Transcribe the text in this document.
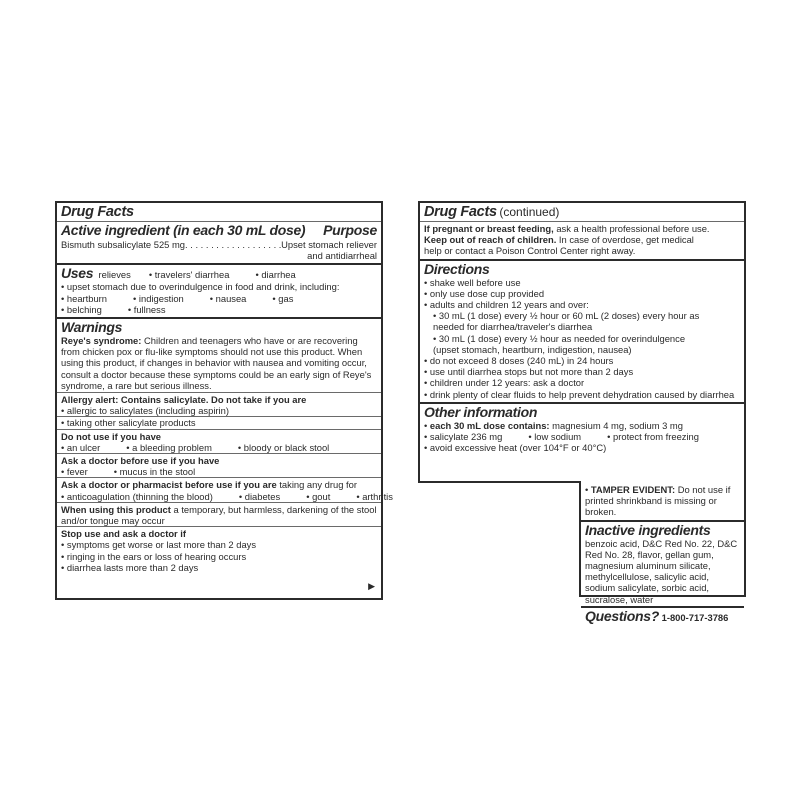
Drug Facts
Active ingredient (in each 30 mL dose) Purpose
Bismuth subsalicylate 525 mg . . .	Upset stomach reliever
and antidiarrheal
Uses relieves • travelers' diarrhea	• diarrhea
• upset stomach due to overindulgence in food and drink, including:
• heartburn	• indigestion	• nausea	• gas
• belching	• fullness
Warnings
Reye's syndrome: Children and teenagers who have or are recovering from chicken pox or flu-like symptoms should not use this product. When using this product, if changes in behavior with nausea and vomiting occur, consult a doctor because these symptoms could be an early sign of Reye's syndrome, a rare but serious illness.
Allergy alert: Contains salicylate. Do not take if you are
• allergic to salicylates (including aspirin)
• taking other salicylate products
Do not use if you have
• an ulcer	• a bleeding problem	• bloody or black stool
Ask a doctor before use if you have
• fever	• mucus in the stool
Ask a doctor or pharmacist before use if you are taking any drug for
• anticoagulation (thinning the blood)	• diabetes	• gout	• arthritis
When using this product a temporary, but harmless, darkening of the stool and/or tongue may occur
Stop use and ask a doctor if
• symptoms get worse or last more than 2 days
• ringing in the ears or loss of hearing occurs
• diarrhea lasts more than 2 days
▶
Drug Facts (continued)
If pregnant or breast feeding, ask a health professional before use.
Keep out of reach of children. In case of overdose, get medical help or contact a Poison Control Center right away.
Directions
• shake well before use
• only use dose cup provided
• adults and children 12 years and over:
• 30 mL (1 dose) every ½ hour or 60 mL (2 doses) every hour as needed for diarrhea/traveler's diarrhea
• 30 mL (1 dose) every ½ hour as needed for overindulgence (upset stomach, heartburn, indigestion, nausea)
• do not exceed 8 doses (240 mL) in 24 hours
• use until diarrhea stops but not more than 2 days
• children under 12 years: ask a doctor
• drink plenty of clear fluids to help prevent dehydration caused by diarrhea
Other information
• each 30 mL dose contains: magnesium 4 mg, sodium 3 mg
• salicylate 236 mg	• low sodium	• protect from freezing
• avoid excessive heat (over 104°F or 40°C)
• TAMPER EVIDENT: Do not use if printed shrinkband is missing or broken.
Inactive ingredients benzoic acid, D&C Red No. 22, D&C Red No. 28, flavor, gellan gum, magnesium aluminum silicate, methylcellulose, salicylic acid, sodium salicylate, sorbic acid, sucralose, water
Questions? 1-800-717-3786
